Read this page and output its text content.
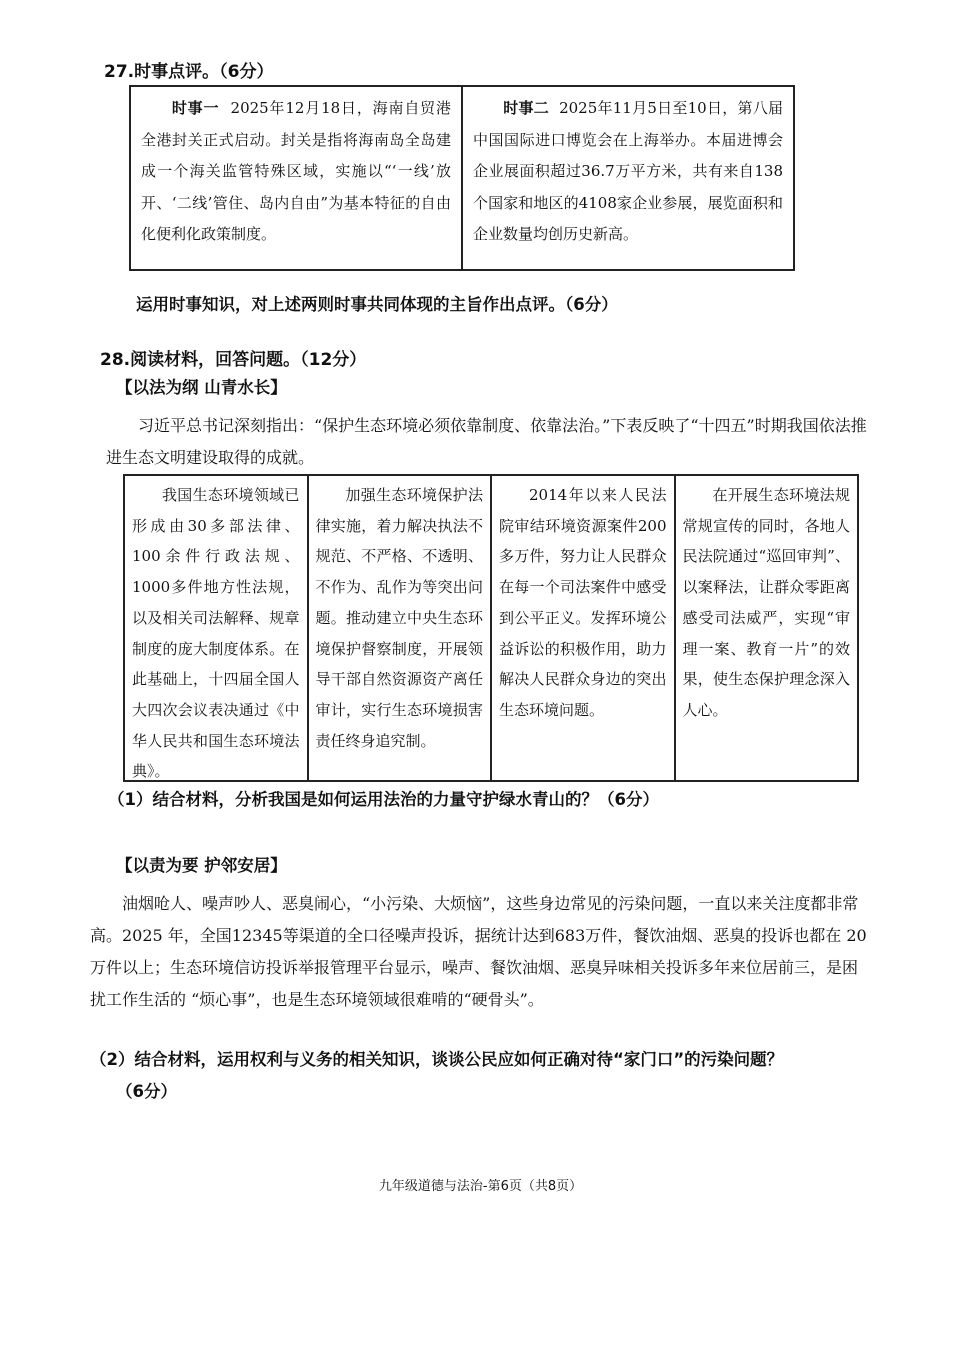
27.时事点评。（6分）
时事一 2025年12月18日，海南自贸港全港封关正式启动。封关是指将海南岛全岛建成一个海关监管特殊区域，实施以“‘一线’放开、‘二线’管住、岛内自由”为基本特征的自由化便利化政策制度。
时事二 2025年11月5日至10日，第八届中国国际进口博览会在上海举办。本届进博会企业展面积超过36.7万平方米，共有来自138个国家和地区的4108家企业参展，展览面积和企业数量均创历史新高。
运用时事知识，对上述两则时事共同体现的主旨作出点评。（6分）
28.阅读材料，回答问题。（12分）
【以法为纲 山青水长】
习近平总书记深刻指出：“保护生态环境必须依靠制度、依靠法治。”下表反映了“十四五”时期我国依法推进生态文明建设取得的成就。
我国生态环境领域已形成由30多部法律、100余件行政法规、1000多件地方性法规，以及相关司法解释、规章制度的庞大制度体系。在此基础上，十四届全国人大四次会议表决通过《中华人民共和国生态环境法典》。
加强生态环境保护法律实施，着力解决执法不规范、不严格、不透明、不作为、乱作为等突出问题。推动建立中央生态环境保护督察制度，开展领导干部自然资源资产离任审计，实行生态环境损害责任终身追究制。
2014年以来人民法院审结环境资源案件200多万件，努力让人民群众在每一个司法案件中感受到公平正义。发挥环境公益诉讼的积极作用，助力解决人民群众身边的突出生态环境问题。
在开展生态环境法规常规宣传的同时，各地人民法院通过“巡回审判”、以案释法，让群众零距离感受司法威严，实现“审理一案、教育一片”的效果，使生态保护理念深入人心。
（1）结合材料，分析我国是如何运用法治的力量守护绿水青山的？（6分）
【以责为要 护邻安居】
油烟呛人、噪声吵人、恶臭闹心，“小污染、大烦恼”，这些身边常见的污染问题，一直以来关注度都非常高。2025 年，全国12345等渠道的全口径噪声投诉，据统计达到683万件，餐饮油烟、恶臭的投诉也都在 20 万件以上；生态环境信访投诉举报管理平台显示，噪声、餐饮油烟、恶臭异味相关投诉多年来位居前三，是困扰工作生活的 “烦心事”，也是生态环境领域很难啃的“硬骨头”。
（2）结合材料，运用权利与义务的相关知识，谈谈公民应如何正确对待“家门口”的污染问题？
（6分）
九年级道德与法治-第6页（共8页）
